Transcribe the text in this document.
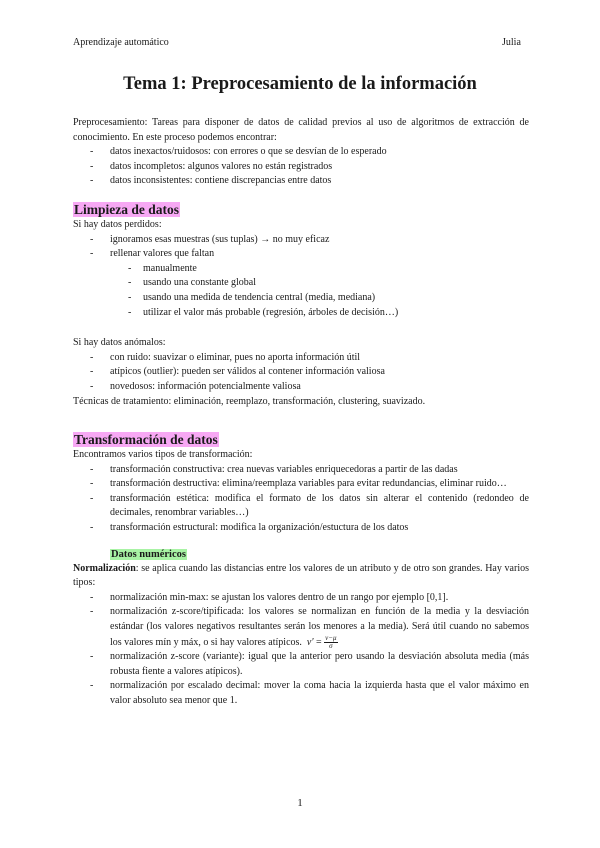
Aprendizaje automático	Julia
Tema 1: Preprocesamiento de la información

Preprocesamiento: Tareas para disponer de datos de calidad previos al uso de algoritmos de extracción de conocimiento. En este proceso podemos encontrar:

- datos inexactos/ruidosos: con errores o que se desvían de lo esperado

- datos incompletos: algunos valores no están registrados

- datos inconsistentes: contiene discrepancias entre datos

Limpieza de datos

Si hay datos perdidos:

- ignoramos esas muestras (sus tuplas) → no muy eficaz

- rellenar valores que faltan

- manualmente

- usando una constante global

- usando una medida de tendencia central (media, mediana)

- utilizar el valor más probable (regresión, árboles de decisión…)

Si hay datos anómalos:

- con ruido: suavizar o eliminar, pues no aporta información útil

- atípicos (outlier): pueden ser válidos al contener información valiosa

- novedosos: información potencialmente valiosa

Técnicas de tratamiento: eliminación, reemplazo, transformación, clustering, suavizado.

Transformación de datos

Encontramos varios tipos de transformación:

- transformación constructiva: crea nuevas variables enriquecedoras a partir de las dadas

- transformación destructiva: elimina/reemplaza variables para evitar redundancias, eliminar ruido…

- transformación estética: modifica el formato de los datos sin alterar el contenido (redondeo de decimales, renombrar variables…)

- transformación estructural: modifica la organización/estuctura de los datos

Datos numéricos

Normalización: se aplica cuando las distancias entre los valores de un atributo y de otro son grandes. Hay varios tipos:

- normalización min-max: se ajustan los valores dentro de un rango por ejemplo [0,1].

- normalización z-score/tipificada: los valores se normalizan en función de la media y la desviación estándar (los valores negativos resultantes serán los menores a la media). Será útil cuando no sabemos los valores mín y máx, o si hay valores atípicos. $v' = \frac{v-\mu}{\sigma}$

- normalización z-score (variante): igual que la anterior pero usando la desviación absoluta media (más robusta fiente a valores atípicos).

- normalización por escalado decimal: mover la coma hacia la izquierda hasta que el valor máximo en valor absoluto sea menor que 1.

1
